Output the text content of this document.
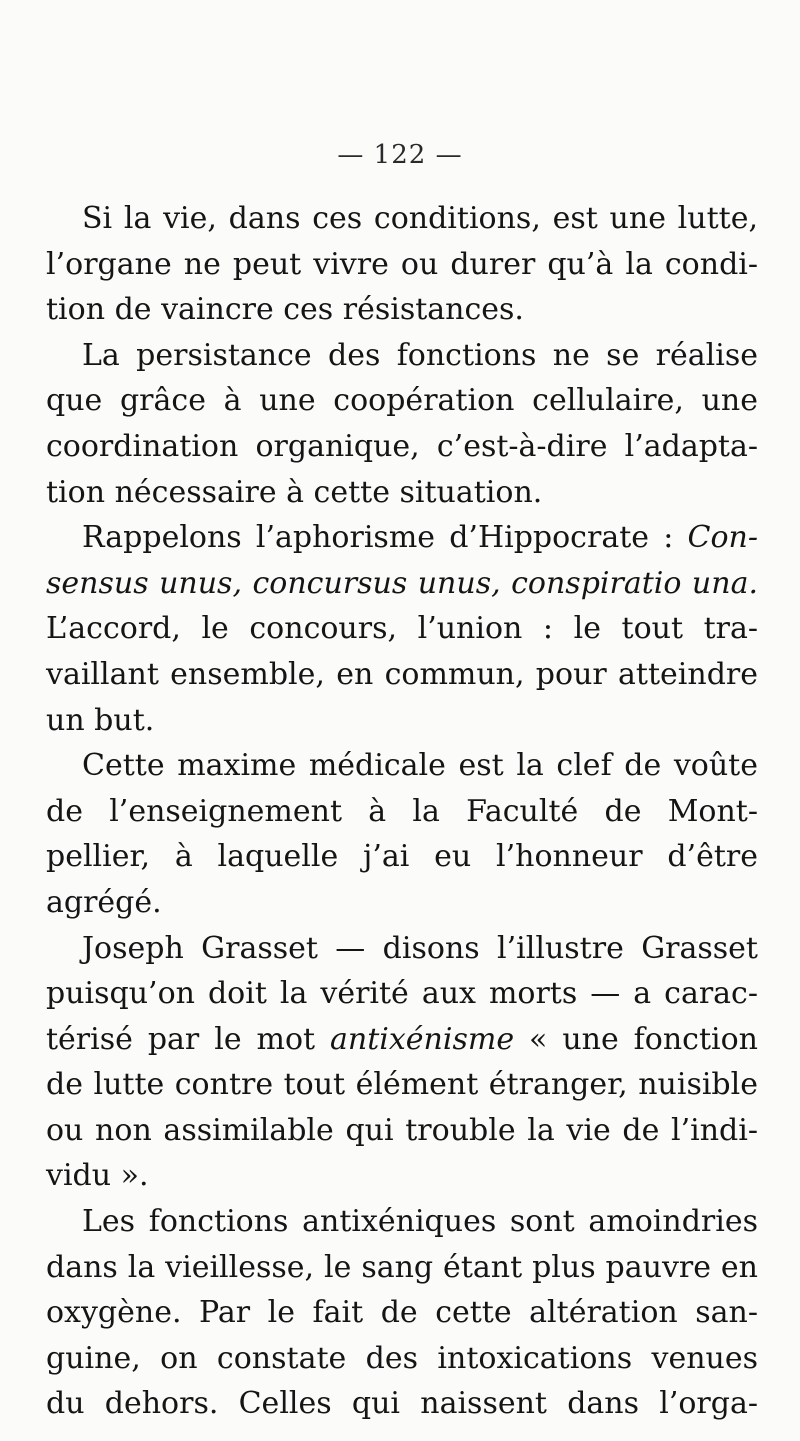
— 122 —
Si la vie, dans ces conditions, est une lutte,
l’organe ne peut vivre ou durer qu’à la condi-
tion de vaincre ces résistances.
La persistance des fonctions ne se réalise
que grâce à une coopération cellulaire, une
coordination organique, c’est-à-dire l’adapta-
tion nécessaire à cette situation.
Rappelons l’aphorisme d’Hippocrate : Con-
sensus unus, concursus unus, conspiratio una.
L’accord, le concours, l’union : le tout tra-
vaillant ensemble, en commun, pour atteindre
un but.
Cette maxime médicale est la clef de voûte
de l’enseignement à la Faculté de Mont-
pellier, à laquelle j’ai eu l’honneur d’être
agrégé.
Joseph Grasset — disons l’illustre Grasset
puisqu’on doit la vérité aux morts — a carac-
térisé par le mot antixénisme « une fonction
de lutte contre tout élément étranger, nuisible
ou non assimilable qui trouble la vie de l’indi-
vidu ».
Les fonctions antixéniques sont amoindries
dans la vieillesse, le sang étant plus pauvre en
oxygène. Par le fait de cette altération san-
guine, on constate des intoxications venues
du dehors. Celles qui naissent dans l’orga-
